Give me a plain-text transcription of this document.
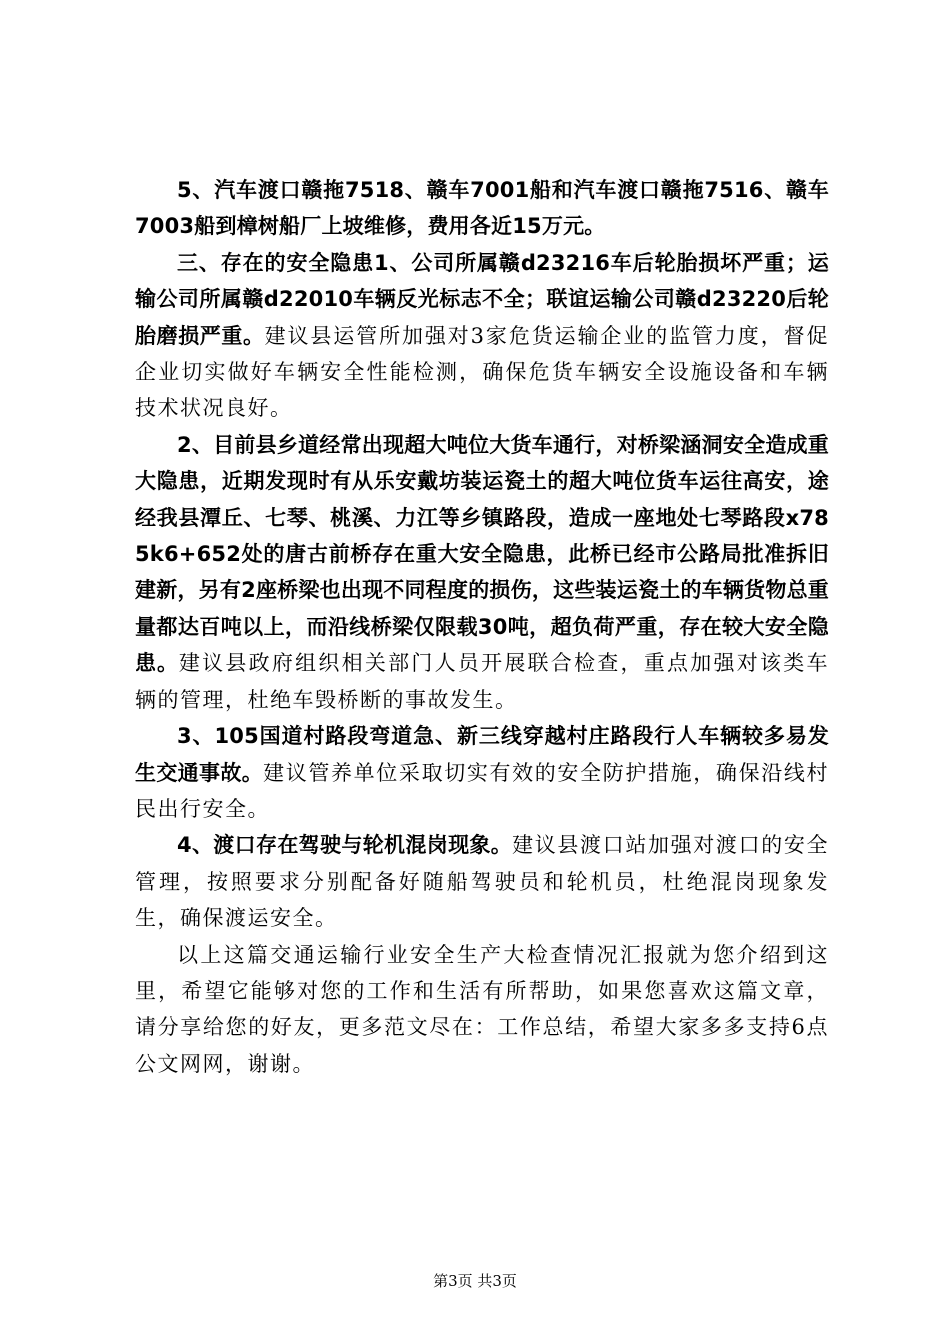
5、汽车渡口赣拖7518、赣车7001船和汽车渡口赣拖7516、赣车7003船到樟树船厂上坡维修，费用各近15万元。

三、存在的安全隐患1、公司所属赣d23216车后轮胎损坏严重；运输公司所属赣d22010车辆反光标志不全；联谊运输公司赣d23220后轮胎磨损严重。建议县运管所加强对3家危货运输企业的监管力度，督促企业切实做好车辆安全性能检测，确保危货车辆安全设施设备和车辆技术状况良好。

2、目前县乡道经常出现超大吨位大货车通行，对桥梁涵洞安全造成重大隐患，近期发现时有从乐安戴坊装运瓷土的超大吨位货车运往高安，途经我县潭丘、七琴、桃溪、力江等乡镇路段，造成一座地处七琴路段x785k6+652处的唐古前桥存在重大安全隐患，此桥已经市公路局批准拆旧建新，另有2座桥梁也出现不同程度的损伤，这些装运瓷土的车辆货物总重量都达百吨以上，而沿线桥梁仅限载30吨，超负荷严重，存在较大安全隐患。建议县政府组织相关部门人员开展联合检查，重点加强对该类车辆的管理，杜绝车毁桥断的事故发生。

3、105国道村路段弯道急、新三线穿越村庄路段行人车辆较多易发生交通事故。建议管养单位采取切实有效的安全防护措施，确保沿线村民出行安全。

4、渡口存在驾驶与轮机混岗现象。建议县渡口站加强对渡口的安全管理，按照要求分别配备好随船驾驶员和轮机员，杜绝混岗现象发生，确保渡运安全。

以上这篇交通运输行业安全生产大检查情况汇报就为您介绍到这里，希望它能够对您的工作和生活有所帮助，如果您喜欢这篇文章，请分享给您的好友，更多范文尽在：工作总结，希望大家多多支持6点公文网网，谢谢。

第3页 共3页
